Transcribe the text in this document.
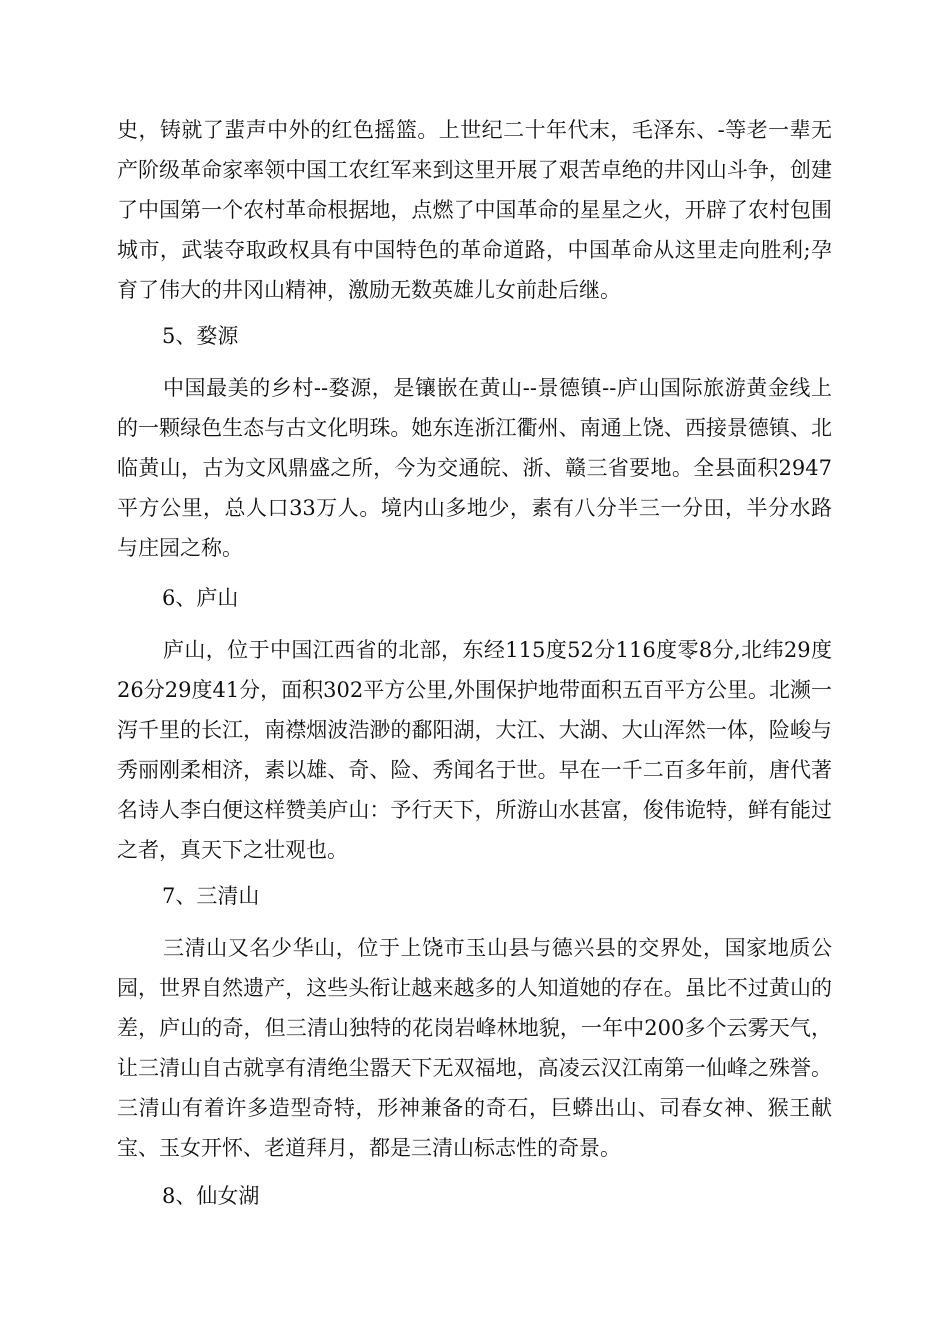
史，铸就了蜚声中外的红色摇篮。上世纪二十年代末，毛泽东、-等老一辈无产阶级革命家率领中国工农红军来到这里开展了艰苦卓绝的井冈山斗争，创建了中国第一个农村革命根据地，点燃了中国革命的星星之火，开辟了农村包围城市，武装夺取政权具有中国特色的革命道路，中国革命从这里走向胜利;孕育了伟大的井冈山精神，激励无数英雄儿女前赴后继。

5、婺源

中国最美的乡村--婺源，是镶嵌在黄山--景德镇--庐山国际旅游黄金线上的一颗绿色生态与古文化明珠。她东连浙江衢州、南通上饶、西接景德镇、北临黄山，古为文风鼎盛之所，今为交通皖、浙、赣三省要地。全县面积2947平方公里，总人口33万人。境内山多地少，素有八分半三一分田，半分水路与庄园之称。

6、庐山

庐山，位于中国江西省的北部，东经115度52分116度零8分,北纬29度26分29度41分，面积302平方公里,外围保护地带面积五百平方公里。北濒一泻千里的长江，南襟烟波浩渺的鄱阳湖，大江、大湖、大山浑然一体，险峻与秀丽刚柔相济，素以雄、奇、险、秀闻名于世。早在一千二百多年前，唐代著名诗人李白便这样赞美庐山：予行天下，所游山水甚富，俊伟诡特，鲜有能过之者，真天下之壮观也。

7、三清山

三清山又名少华山，位于上饶市玉山县与德兴县的交界处，国家地质公园，世界自然遗产，这些头衔让越来越多的人知道她的存在。虽比不过黄山的差，庐山的奇，但三清山独特的花岗岩峰林地貌，一年中200多个云雾天气，让三清山自古就享有清绝尘嚣天下无双福地，高凌云汉江南第一仙峰之殊誉。三清山有着许多造型奇特，形神兼备的奇石，巨蟒出山、司春女神、猴王献宝、玉女开怀、老道拜月，都是三清山标志性的奇景。

8、仙女湖
